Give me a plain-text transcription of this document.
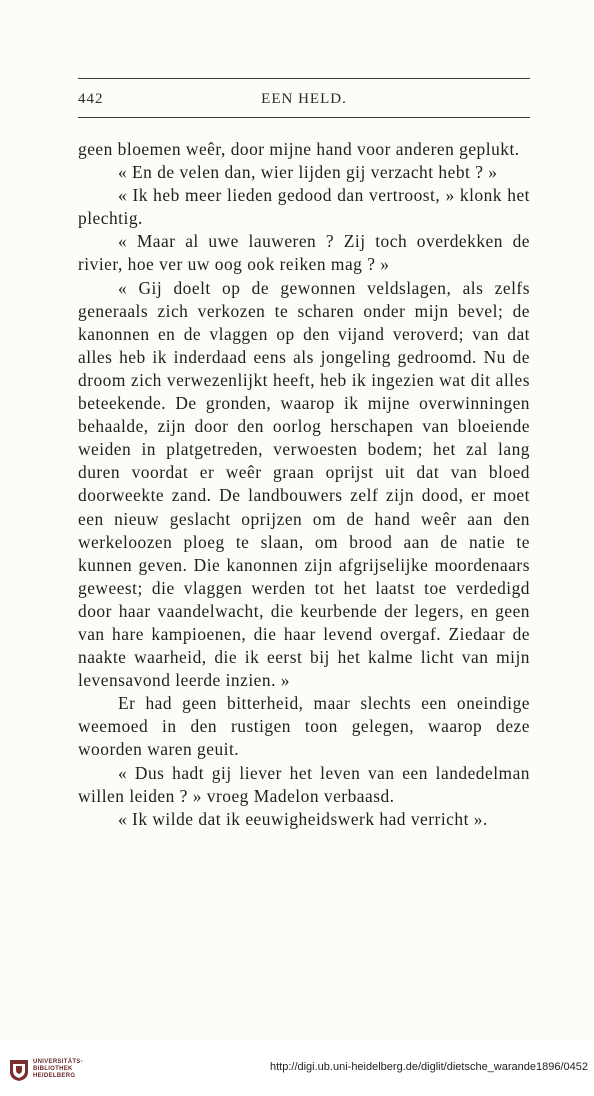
442	EEN HELD.

geen bloemen weêr, door mijne hand voor anderen geplukt.

« En de velen dan, wier lijden gij verzacht hebt ? »

« Ik heb meer lieden gedood dan vertroost, » klonk het plechtig.

« Maar al uwe lauweren ? Zij toch overdekken de rivier, hoe ver uw oog ook reiken mag ? »

« Gij doelt op de gewonnen veldslagen, als zelfs generaals zich verkozen te scharen onder mijn bevel; de kanonnen en de vlaggen op den vijand veroverd; van dat alles heb ik inderdaad eens als jongeling gedroomd. Nu de droom zich verwezenlijkt heeft, heb ik ingezien wat dit alles beteekende. De gronden, waarop ik mijne overwinningen behaalde, zijn door den oorlog herschapen van bloeiende weiden in platgetreden, verwoesten bodem; het zal lang duren voordat er weêr graan oprijst uit dat van bloed doorweekte zand. De landbouwers zelf zijn dood, er moet een nieuw geslacht oprijzen om de hand weêr aan den werkeloozen ploeg te slaan, om brood aan de natie te kunnen geven. Die kanonnen zijn afgrijselijke moordenaars geweest; die vlaggen werden tot het laatst toe verdedigd door haar vaandelwacht, die keurbende der legers, en geen van hare kampioenen, die haar levend overgaf. Ziedaar de naakte waarheid, die ik eerst bij het kalme licht van mijn levensavond leerde inzien. »

Er had geen bitterheid, maar slechts een oneindige weemoed in den rustigen toon gelegen, waarop deze woorden waren geuit.

« Dus hadt gij liever het leven van een landedelman willen leiden ? » vroeg Madelon verbaasd.

« Ik wilde dat ik eeuwigheidswerk had verricht ».

UNIVERSITÄTS-
BIBLIOTHEK
HEIDELBERG
http://digi.ub.uni-heidelberg.de/diglit/dietsche_warande1896/0452
